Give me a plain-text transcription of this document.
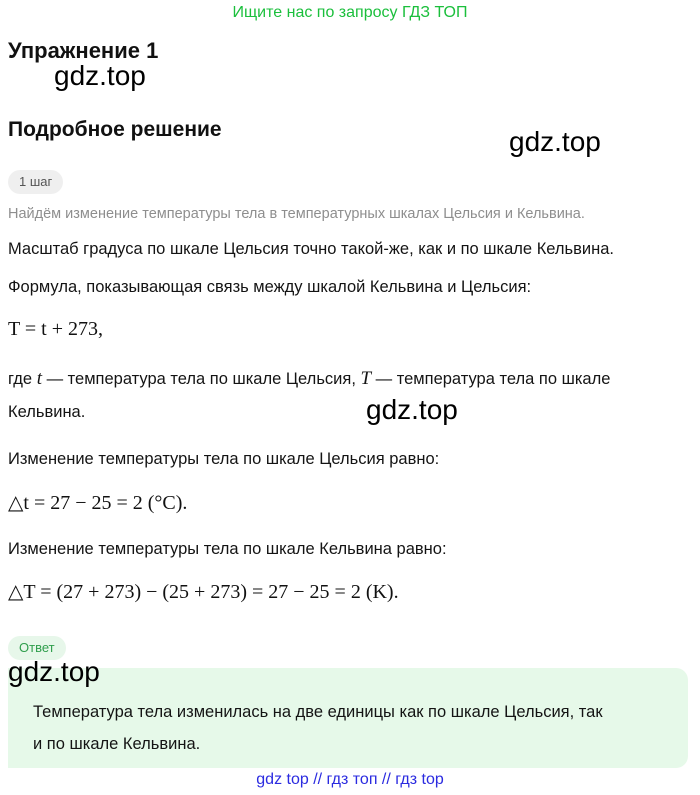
Ищите нас по запросу ГДЗ ТОП
Упражнение 1
gdz.top
Подробное решение	gdz.top
1 шаг
Найдём изменение температуры тела в температурных шкалах Цельсия и Кельвина.
Масштаб градуса по шкале Цельсия точно такой-же, как и по шкале Кельвина.
Формула, показывающая связь между шкалой Кельвина и Цельсия:
T = t + 273,
где t — температура тела по шкале Цельсия, T — температура тела по шкале
Кельвина.	gdz.top
Изменение температуры тела по шкале Цельсия равно:
△t = 27 − 25 = 2 (°C).
Изменение температуры тела по шкале Кельвина равно:
△T = (27 + 273) − (25 + 273) = 27 − 25 = 2 (K).
Ответ
Температура тела изменилась на две единицы как по шкале Цельсия, так
и по шкале Кельвина.
gdz.top
gdz top // гдз топ // гдз top
